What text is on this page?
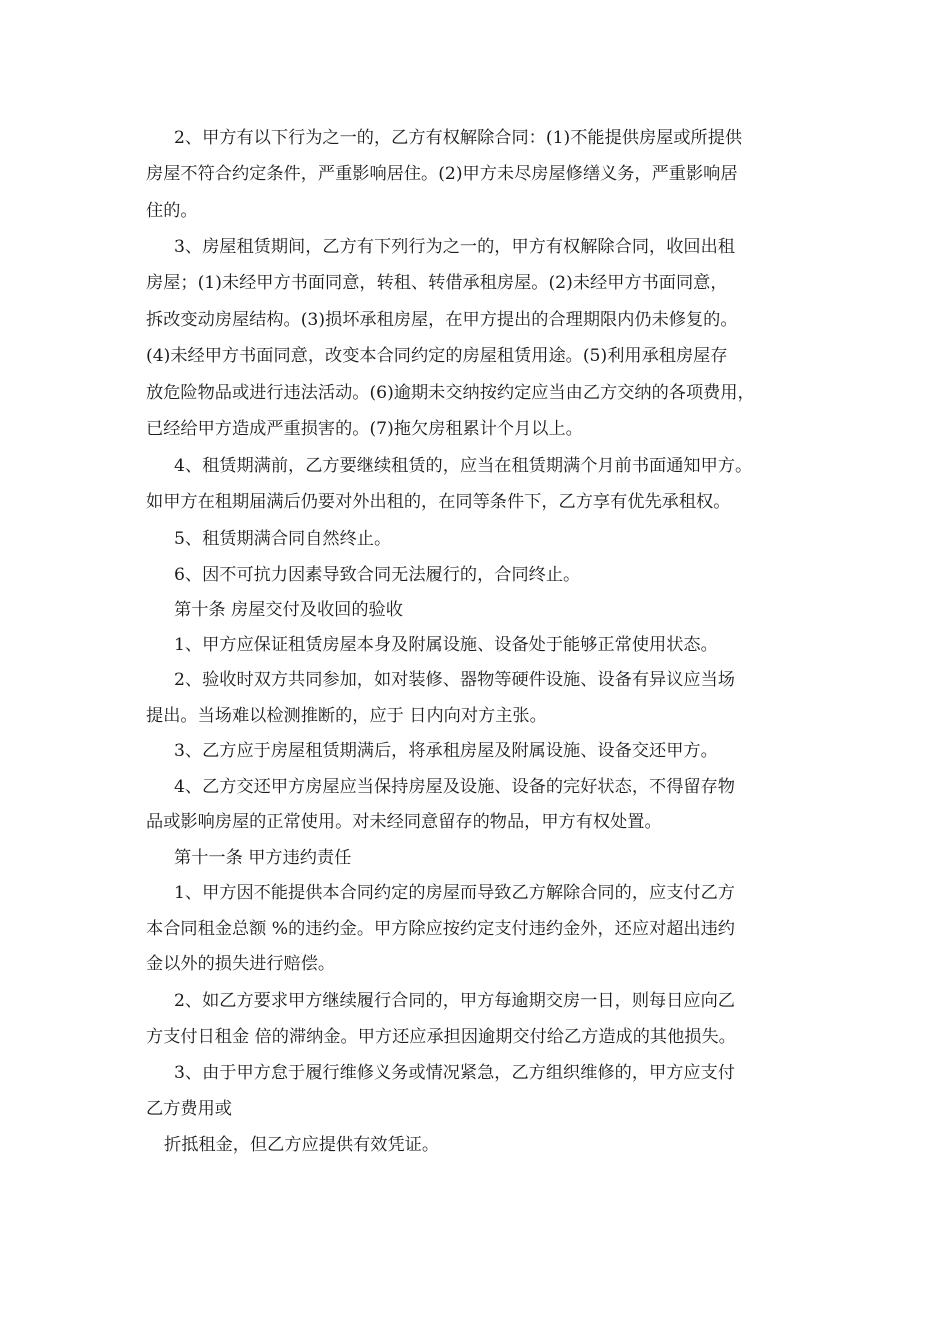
2、甲方有以下行为之一的，乙方有权解除合同：(1)不能提供房屋或所提供
房屋不符合约定条件，严重影响居住。(2)甲方未尽房屋修缮义务，严重影响居
住的。
3、房屋租赁期间，乙方有下列行为之一的，甲方有权解除合同，收回出租
房屋；(1)未经甲方书面同意，转租、转借承租房屋。(2)未经甲方书面同意，
拆改变动房屋结构。(3)损坏承租房屋，在甲方提出的合理期限内仍未修复的。
(4)未经甲方书面同意，改变本合同约定的房屋租赁用途。(5)利用承租房屋存
放危险物品或进行违法活动。(6)逾期未交纳按约定应当由乙方交纳的各项费用，
已经给甲方造成严重损害的。(7)拖欠房租累计个月以上。
4、租赁期满前，乙方要继续租赁的，应当在租赁期满个月前书面通知甲方。
如甲方在租期届满后仍要对外出租的，在同等条件下，乙方享有优先承租权。
5、租赁期满合同自然终止。
6、因不可抗力因素导致合同无法履行的，合同终止。
第十条 房屋交付及收回的验收
1、甲方应保证租赁房屋本身及附属设施、设备处于能够正常使用状态。
2、验收时双方共同参加，如对装修、器物等硬件设施、设备有异议应当场
提出。当场难以检测推断的，应于 日内向对方主张。
3、乙方应于房屋租赁期满后，将承租房屋及附属设施、设备交还甲方。
4、乙方交还甲方房屋应当保持房屋及设施、设备的完好状态，不得留存物
品或影响房屋的正常使用。对未经同意留存的物品，甲方有权处置。
第十一条 甲方违约责任
1、甲方因不能提供本合同约定的房屋而导致乙方解除合同的，应支付乙方
本合同租金总额 %的违约金。甲方除应按约定支付违约金外，还应对超出违约
金以外的损失进行赔偿。
2、如乙方要求甲方继续履行合同的，甲方每逾期交房一日，则每日应向乙
方支付日租金 倍的滞纳金。甲方还应承担因逾期交付给乙方造成的其他损失。
3、由于甲方怠于履行维修义务或情况紧急，乙方组织维修的，甲方应支付
乙方费用或
折抵租金，但乙方应提供有效凭证。
